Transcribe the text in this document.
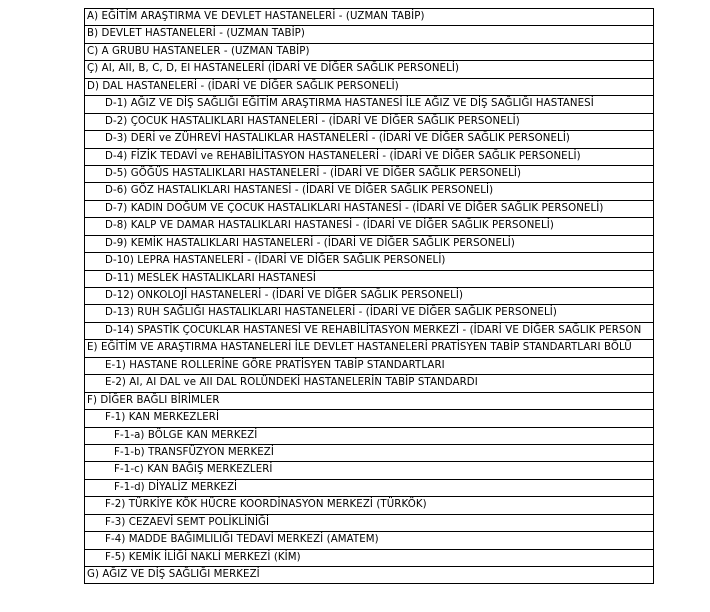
A) EĞİTİM ARAŞTIRMA VE DEVLET HASTANELERİ - (UZMAN TABİP)
B) DEVLET HASTANELERİ - (UZMAN TABİP)
C) A GRUBU HASTANELER - (UZMAN TABİP)
Ç) AI, AII, B, C, D, EI HASTANELERİ (İDARİ VE DİĞER SAĞLIK PERSONELİ)
D) DAL HASTANELERİ - (İDARİ VE DİĞER SAĞLIK PERSONELİ)
D-1) AĞIZ VE DİŞ SAĞLIĞI EĞİTİM ARAŞTIRMA HASTANESİ İLE AĞIZ VE DİŞ SAĞLIĞI HASTANESİ
D-2) ÇOCUK HASTALIKLARI HASTANELERİ - (İDARİ VE DİĞER SAĞLIK PERSONELİ)
D-3) DERİ ve ZÜHREVİ HASTALIKLAR HASTANELERİ - (İDARİ VE DİĞER SAĞLIK PERSONELİ)
D-4) FİZİK TEDAVİ ve REHABİLİTASYON HASTANELERİ - (İDARİ VE DİĞER SAĞLIK PERSONELİ)
D-5) GÖĞÜS HASTALIKLARI HASTANELERİ - (İDARİ VE DİĞER SAĞLIK PERSONELİ)
D-6) GÖZ HASTALIKLARI HASTANESİ - (İDARİ VE DİĞER SAĞLIK PERSONELİ)
D-7) KADIN DOĞUM VE ÇOCUK HASTALIKLARI HASTANESİ - (İDARİ VE DİĞER SAĞLIK PERSONELİ)
D-8) KALP VE DAMAR HASTALIKLARI HASTANESİ - (İDARİ VE DİĞER SAĞLIK PERSONELİ)
D-9) KEMİK HASTALIKLARI HASTANELERİ - (İDARİ VE DİĞER SAĞLIK PERSONELİ)
D-10) LEPRA HASTANELERİ - (İDARİ VE DİĞER SAĞLIK PERSONELİ)
D-11) MESLEK HASTALIKLARI HASTANESİ
D-12) ONKOLOJİ HASTANELERİ - (İDARİ VE DİĞER SAĞLIK PERSONELİ)
D-13) RUH SAĞLIĞI HASTALIKLARI HASTANELERİ - (İDARİ VE DİĞER SAĞLIK PERSONELİ)
D-14) SPASTİK ÇOCUKLAR HASTANESİ VE REHABİLİTASYON MERKEZİ - (İDARİ VE DİĞER SAĞLIK PERSON
E) EĞİTİM VE ARAŞTIRMA HASTANELERİ İLE DEVLET HASTANELERİ PRATİSYEN TABİP STANDARTLARI BÖLÜ
E-1) HASTANE ROLLERİNE GÖRE PRATİSYEN TABİP STANDARTLARI
E-2) AI, AI DAL ve AII DAL ROLÜNDEKİ HASTANELERİN TABİP STANDARDI
F) DİĞER BAĞLI BİRİMLER
F-1) KAN MERKEZLERİ
F-1-a) BÖLGE KAN MERKEZİ
F-1-b) TRANSFÜZYON MERKEZİ
F-1-c) KAN BAĞIŞ MERKEZLERİ
F-1-d) DİYALİZ MERKEZİ
F-2) TÜRKİYE KÖK HÜCRE KOORDİNASYON MERKEZİ (TÜRKÖK)
F-3) CEZAEVİ SEMT POLİKLİNİĞİ
F-4) MADDE BAĞIMLILIĞI TEDAVİ MERKEZİ (AMATEM)
F-5) KEMİK İLİĞİ NAKLİ MERKEZİ (KİM)
G) AĞIZ VE DİŞ SAĞLIĞI MERKEZİ
